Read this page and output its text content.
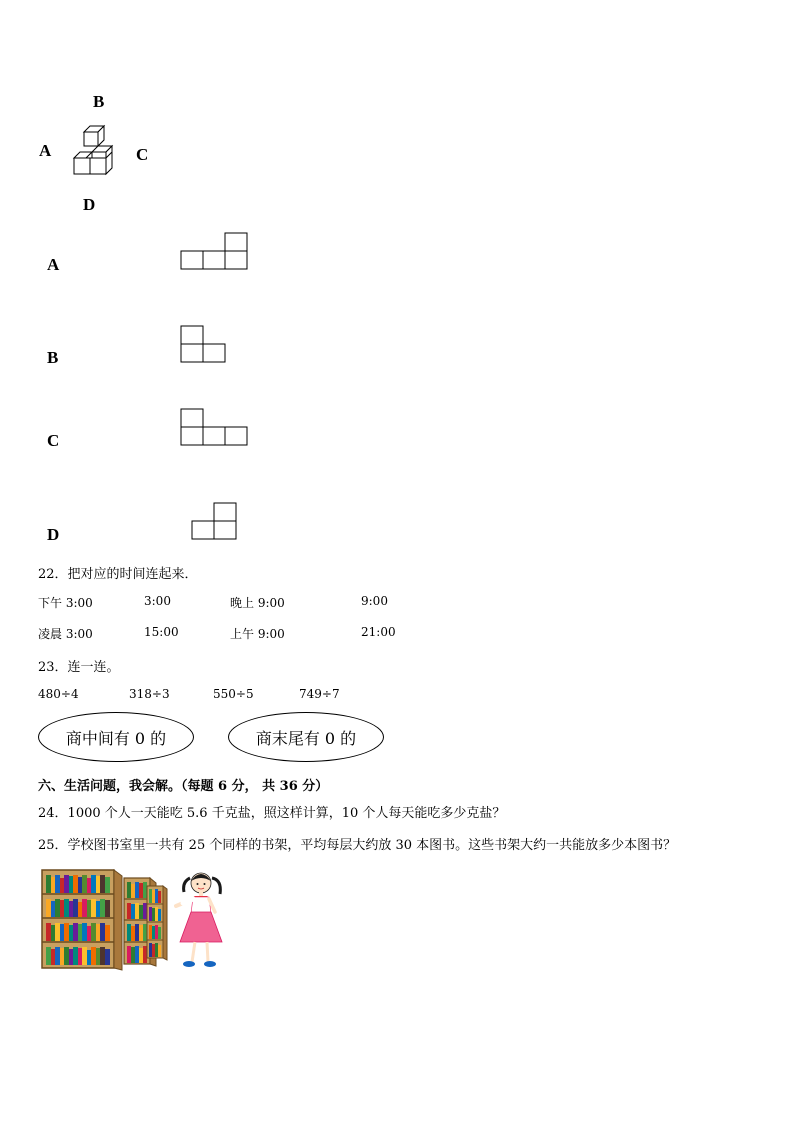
B
A	C
D
A
B
C
D
22．把对应的时间连起来．
下午 3:00	3:00	晚上 9:00	9:00
凌晨 3:00	15:00	上午 9:00	21:00
23．连一连。
480÷4	318÷3	550÷5	749÷7
商中间有 0 的	商末尾有 0 的
六、生活问题，我会解。（每题 6 分， 共 36 分）
24．1000 个人一天能吃 5.6 千克盐，照这样计算，10 个人每天能吃多少克盐？
25．学校图书室里一共有 25 个同样的书架，平均每层大约放 30 本图书。这些书架大约一共能放多少本图书？
